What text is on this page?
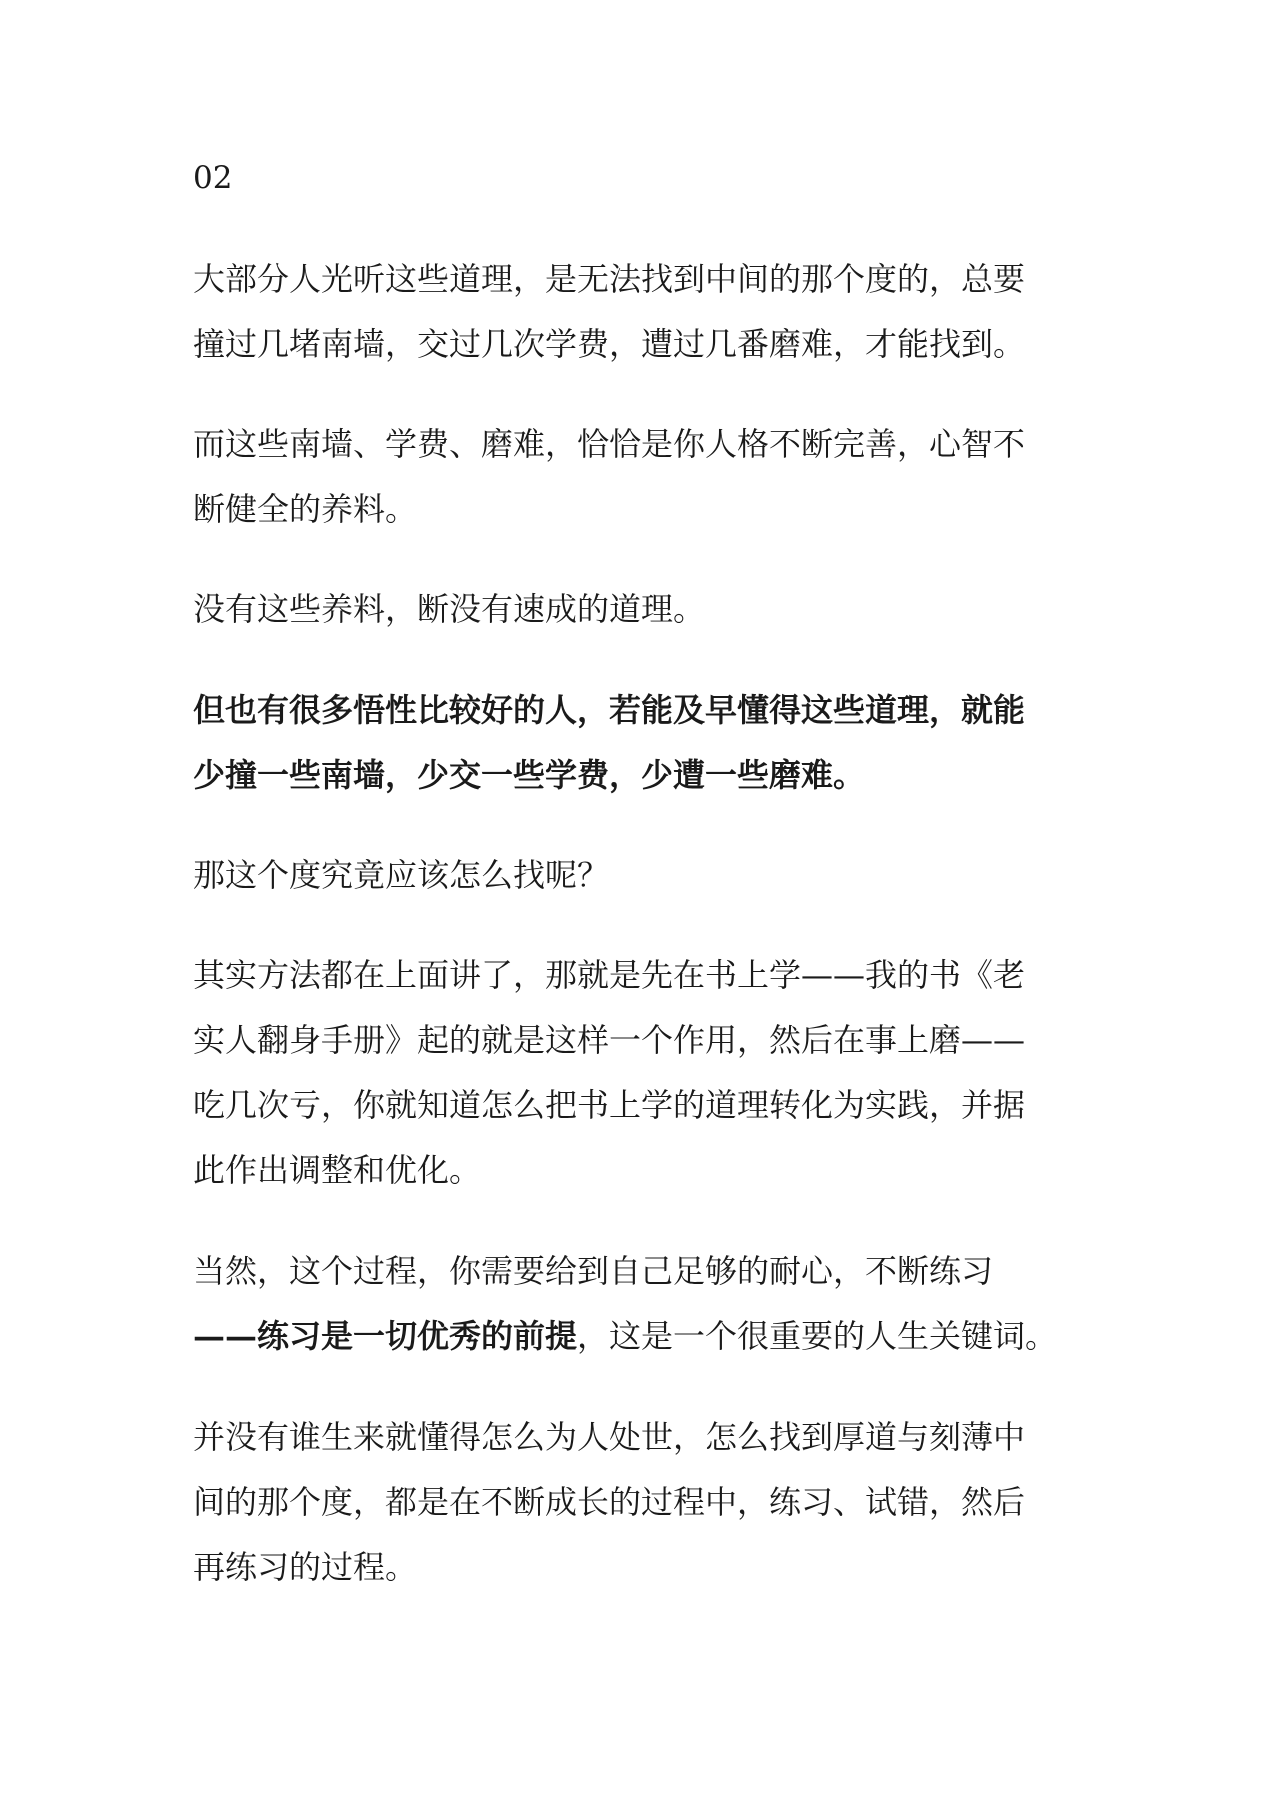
02

大部分人光听这些道理，是无法找到中间的那个度的，总要

撞过几堵南墙，交过几次学费，遭过几番磨难，才能找到。

而这些南墙、学费、磨难，恰恰是你人格不断完善，心智不

断健全的养料。

没有这些养料，断没有速成的道理。

但也有很多悟性比较好的人，若能及早懂得这些道理，就能

少撞一些南墙，少交一些学费，少遭一些磨难。

那这个度究竟应该怎么找呢？

其实方法都在上面讲了，那就是先在书上学——我的书《老

实人翻身手册》起的就是这样一个作用，然后在事上磨——

吃几次亏，你就知道怎么把书上学的道理转化为实践，并据

此作出调整和优化。

当然，这个过程，你需要给到自己足够的耐心，不断练习

——练习是一切优秀的前提，这是一个很重要的人生关键词。

并没有谁生来就懂得怎么为人处世，怎么找到厚道与刻薄中

间的那个度，都是在不断成长的过程中，练习、试错，然后

再练习的过程。
